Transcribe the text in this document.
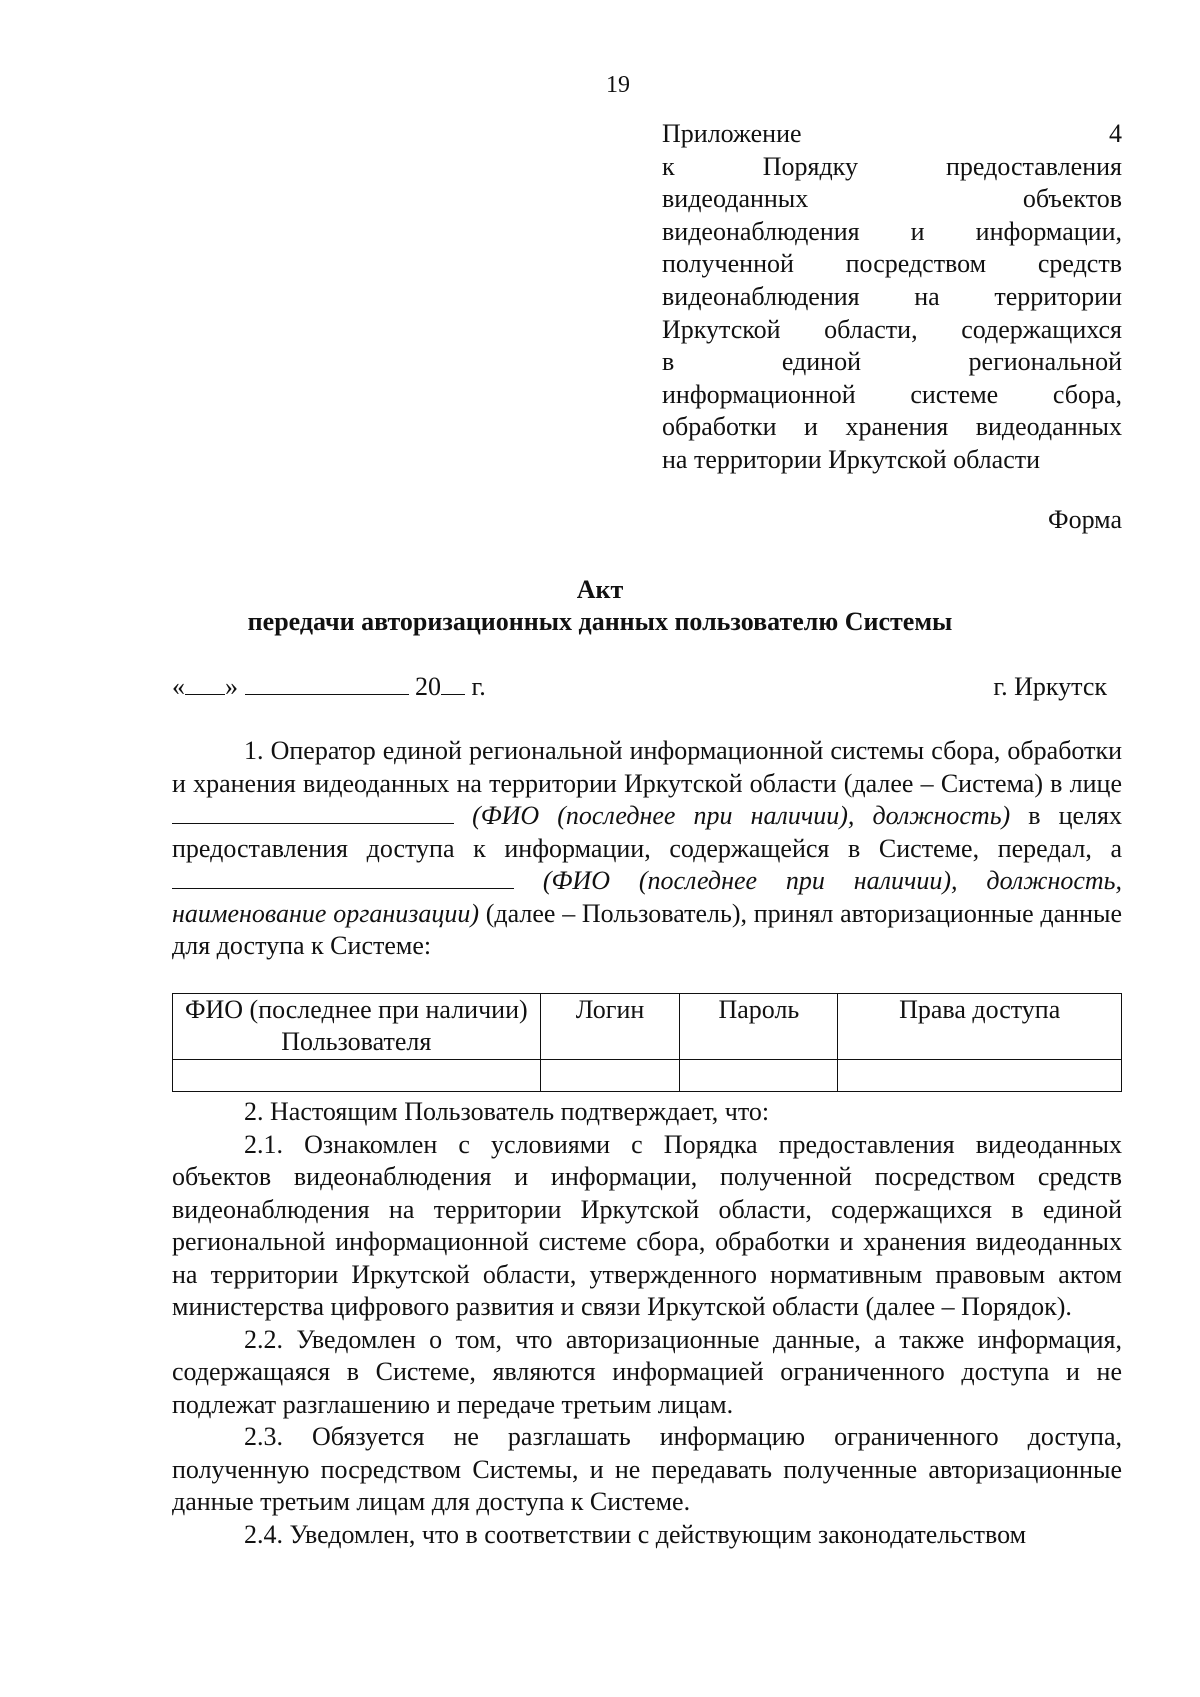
19
Приложение 4
к Порядку предоставления
видеоданных объектов
видеонаблюдения и информации,
полученной посредством средств
видеонаблюдения на территории
Иркутской области, содержащихся
в единой региональной
информационной системе сбора,
обработки и хранения видеоданных
на территории Иркутской области
Форма
Акт
передачи авторизационных данных пользователю Системы
« »	20 г.	г. Иркутск

1. Оператор единой региональной информационной системы сбора, обработки и хранения видеоданных на территории Иркутской области (далее – Система) в лице  (ФИО (последнее при наличии), должность) в целях предоставления доступа к информации, содержащейся в Системе, передал, а  (ФИО (последнее при наличии), должность, наименование организации) (далее – Пользователь), принял авторизационные данные для доступа к Системе:

ФИО (последнее при наличии) Пользователя	Логин	Пароль	Права доступа

2. Настоящим Пользователь подтверждает, что:

2.1. Ознакомлен с условиями с Порядка предоставления видеоданных объектов видеонаблюдения и информации, полученной посредством средств видеонаблюдения на территории Иркутской области, содержащихся в единой региональной информационной системе сбора, обработки и хранения видеоданных на территории Иркутской области, утвержденного нормативным правовым актом министерства цифрового развития и связи Иркутской области (далее – Порядок).

2.2. Уведомлен о том, что авторизационные данные, а также информация, содержащаяся в Системе, являются информацией ограниченного доступа и не подлежат разглашению и передаче третьим лицам.

2.3. Обязуется не разглашать информацию ограниченного доступа, полученную посредством Системы, и не передавать полученные авторизационные данные третьим лицам для доступа к Системе.

2.4. Уведомлен, что в соответствии с действующим законодательством
